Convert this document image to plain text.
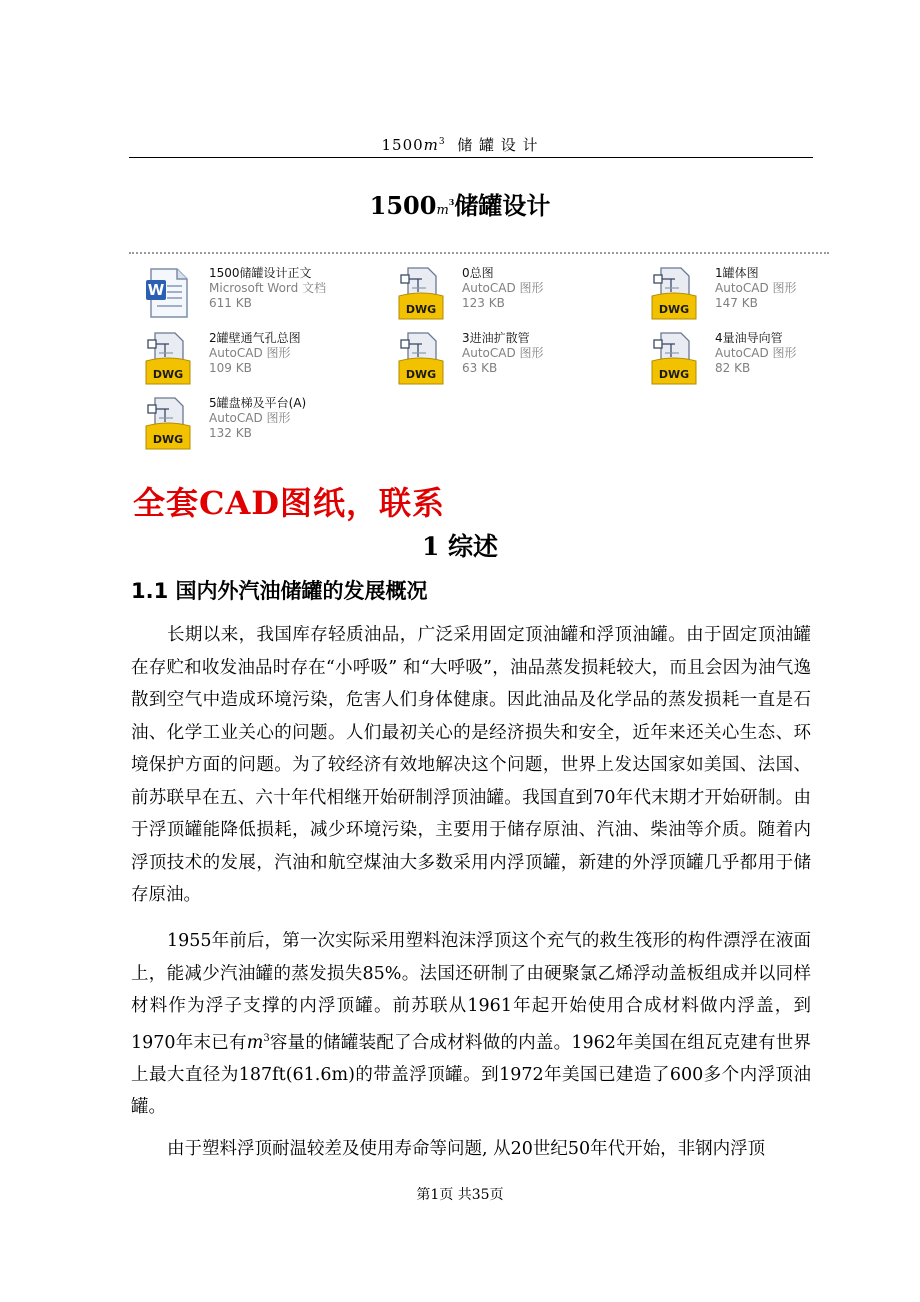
$1500m^3$ 储 罐 设 计
$1500m^3$储罐设计
W
1500储罐设计正文
Microsoft Word 文档
611 KB	DWG
0总图
AutoCAD 图形
123 KB	DWG
1罐体图
AutoCAD 图形
147 KB
DWG
2罐壁通气孔总图
AutoCAD 图形
109 KB	DWG
3进油扩散管
AutoCAD 图形
63 KB	DWG
4量油导向管
AutoCAD 图形
82 KB
DWG
5罐盘梯及平台(A)
AutoCAD 图形
132 KB
全套CAD图纸，联系
1 综述
1.1 国内外汽油储罐的发展概况
长期以来，我国库存轻质油品，广泛采用固定顶油罐和浮顶油罐。由于固定顶油罐在存贮和收发油品时存在“小呼吸” 和“大呼吸”，油品蒸发损耗较大，而且会因为油气逸散到空气中造成环境污染，危害人们身体健康。因此油品及化学品的蒸发损耗一直是石油、化学工业关心的问题。人们最初关心的是经济损失和安全，近年来还关心生态、环境保护方面的问题。为了较经济有效地解决这个问题，世界上发达国家如美国、法国、前苏联早在五、六十年代相继开始研制浮顶油罐。我国直到70年代末期才开始研制。由于浮顶罐能降低损耗，减少环境污染，主要用于储存原油、汽油、柴油等介质。随着内浮顶技术的发展，汽油和航空煤油大多数采用内浮顶罐，新建的外浮顶罐几乎都用于储存原油。
1955年前后，第一次实际采用塑料泡沫浮顶这个充气的救生筏形的构件漂浮在液面上，能减少汽油罐的蒸发损失85%。法国还研制了由硬聚氯乙烯浮动盖板组成并以同样材料作为浮子支撑的内浮顶罐。前苏联从1961年起开始使用合成材料做内浮盖，到1970年末已有$m^3$容量的储罐装配了合成材料做的内盖。1962年美国在组瓦克建有世界上最大直径为187ft(61.6m)的带盖浮顶罐。到1972年美国已建造了600多个内浮顶油罐。
由于塑料浮顶耐温较差及使用寿命等问题, 从20世纪50年代开始，非钢内浮顶
第1页 共35页
